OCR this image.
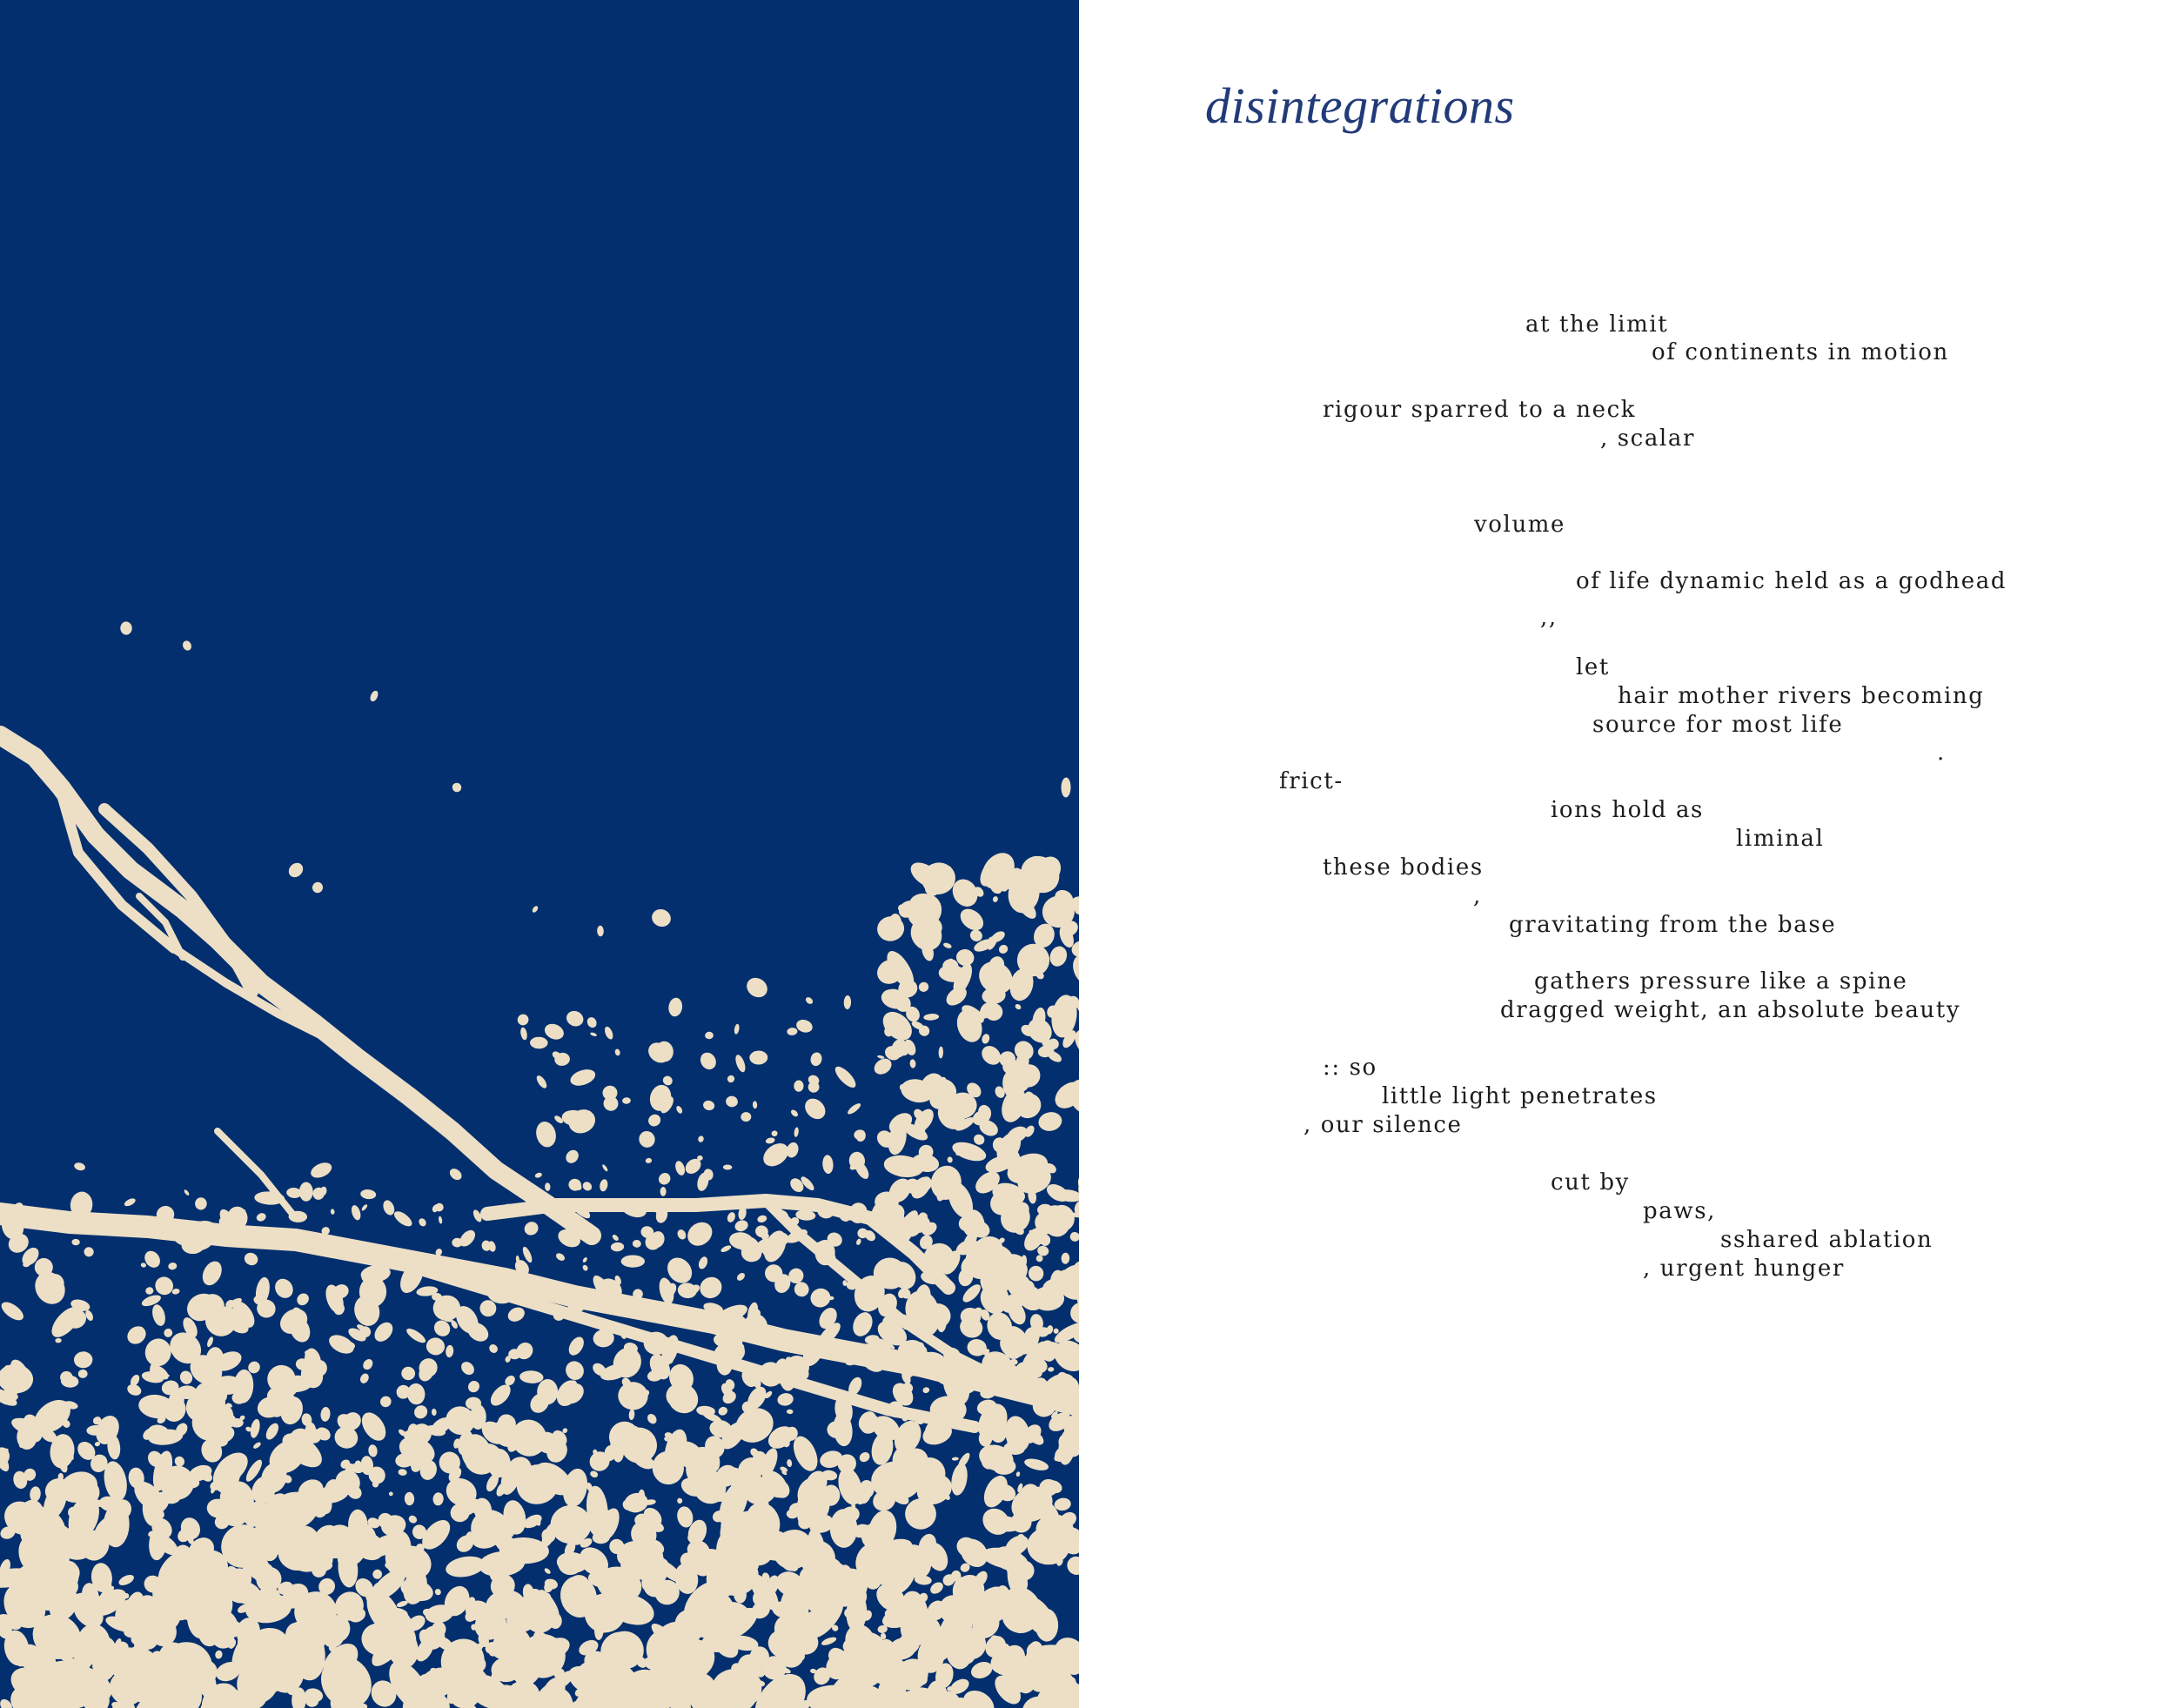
disintegrations

at the limit

of continents in motion

rigour sparred to a neck

, scalar

volume

of life dynamic held as a godhead

,,

let

hair mother rivers becoming

source for most life

.

frict-

ions hold as

liminal

these bodies

,

gravitating from the base

gathers pressure like a spine

dragged weight, an absolute beauty

:: so

little light penetrates

, our silence

cut by

paws,

sshared ablation

, urgent hunger
